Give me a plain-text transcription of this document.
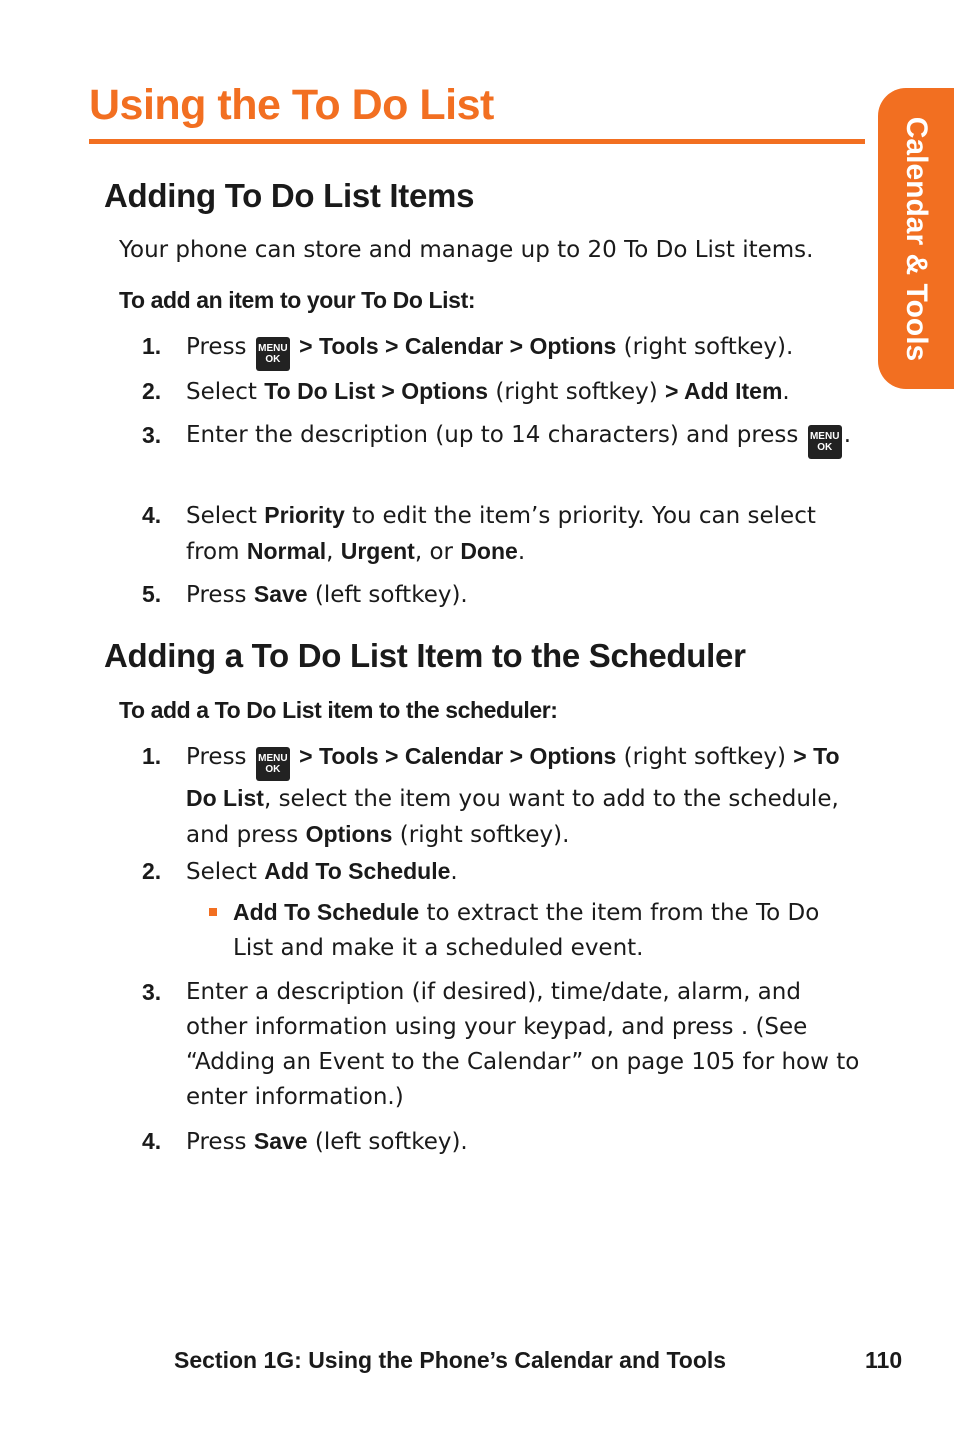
Using the To Do List
Calendar & Tools
Adding To Do List Items

Your phone can store and manage up to 20 To Do List items.

To add an item to your To Do List:

1. Press MENU
OK > Tools > Calendar > Options (right softkey).

2. Select To Do List > Options (right softkey) > Add Item.

3. Enter the description (up to 14 characters) and press MENU
OK .

4. Select Priority to edit the item’s priority. You can select from Normal, Urgent, or Done.

5. Press Save (left softkey).

Adding a To Do List Item to the Scheduler

To add a To Do List item to the scheduler:

1. Press MENU
OK > Tools > Calendar > Options (right softkey) > To Do List, select the item you want to add to the schedule, and press Options (right softkey).

2. Select Add To Schedule.

Add To Schedule to extract the item from the To Do List and make it a scheduled event.

3. Enter a description (if desired), time/date, alarm, and other information using your keypad, and press . (See “Adding an Event to the Calendar” on page 105 for how to enter information.)

4. Press Save (left softkey).

Section 1G: Using the Phone’s Calendar and Tools	110
